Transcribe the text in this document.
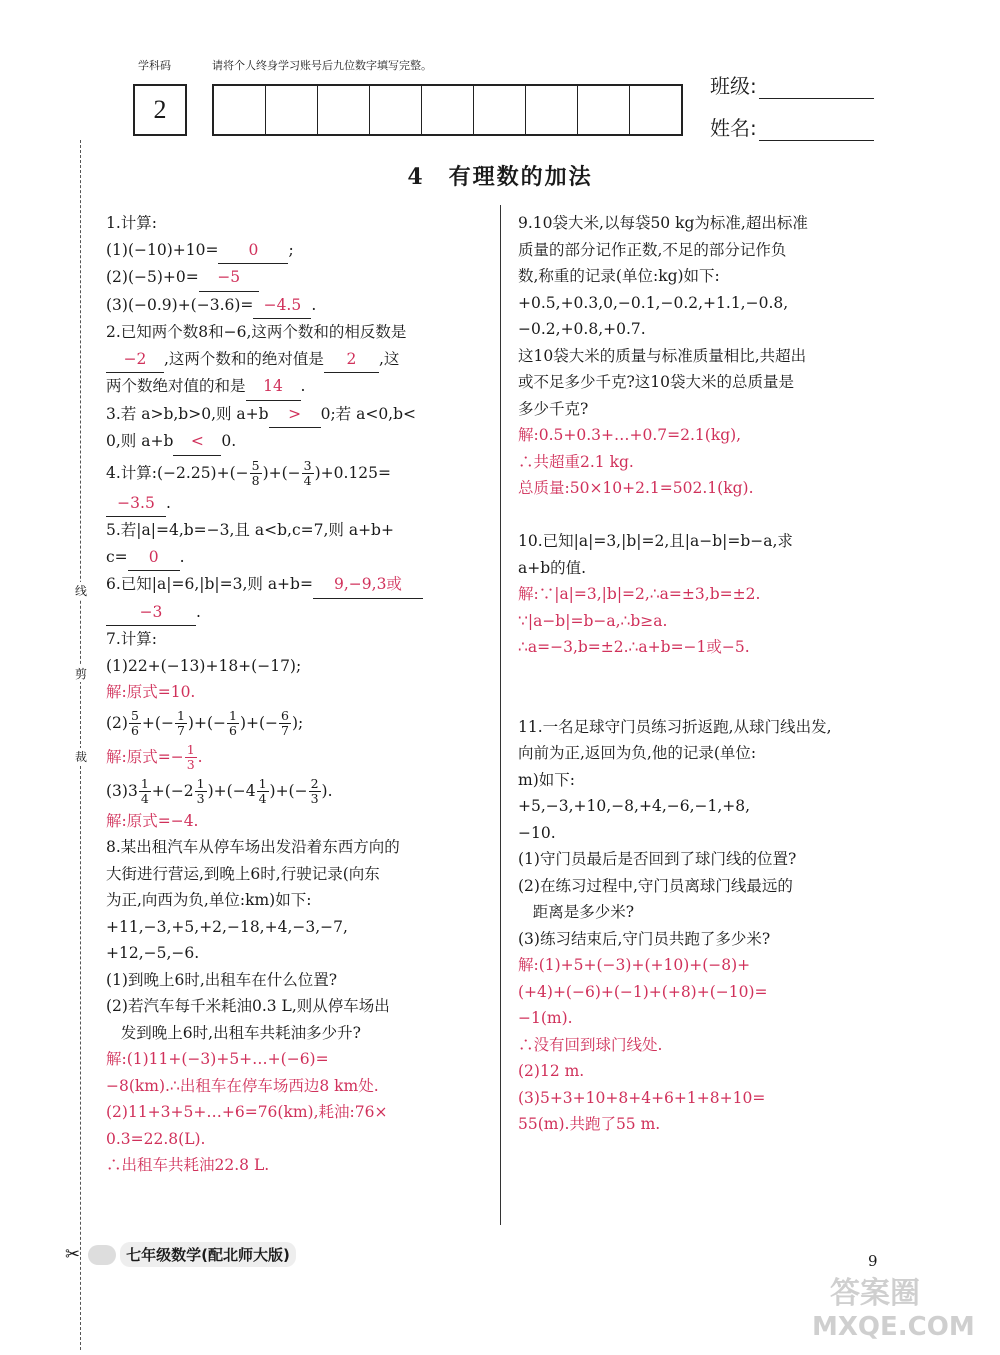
学科码	请将个人终身学习账号后九位数字填写完整。
2
班级:
姓名:
4　有理数的加法
线
剪
裁
1.计算:
(1)(−10)+10= 0 ;
(2)(−5)+0= −5
(3)(−0.9)+(−3.6)= −4.5 .
2.已知两个数8和−6,这两个数和的相反数是
−2 ,这两个数和的绝对值是 2 ,这
两个数绝对值的和是 14 .
3.若 a>b,b>0,则 a+b > 0;若 a<0,b<
0,则 a+b < 0.
4.计算:(−2.25)+(− $\frac{5}{8}$ )+(− $\frac{3}{4} )+0.125=$
−3.5 .
5.若|a|=4,b=−3,且 a<b,c=7,则 a+b+
c= 0 .
6.已知|a|=6,|b|=3,则 a+b= 9,−9,3或
−3 .
7.计算:
(1)22+(−13)+18+(−17);
解:原式=10.
$(2) \frac{5}{6}$ +(− $\frac{1}{7}$ )+(− $\frac{1}{6}$ )+(− $\frac{6}{7}$ );
解:原式=− $\frac{1}{3}$ .
$(3)3 \frac{1}{4} +(-2 \frac{1}{3} )+(-4 \frac{1}{4}$ )+(− $\frac{2}{3}$ ).
解:原式=−4.
8.某出租汽车从停车场出发沿着东西方向的
大街进行营运,到晚上6时,行驶记录(向东
为正,向西为负,单位:km)如下:
+11,−3,+5,+2,−18,+4,−3,−7,
+12,−5,−6.
(1)到晚上6时,出租车在什么位置?
(2)若汽车每千米耗油0.3 L,则从停车场出
发到晚上6时,出租车共耗油多少升?
解:(1)11+(−3)+5+…+(−6)=
−8(km).∴出租车在停车场西边8 km处.
(2)11+3+5+…+6=76(km),耗油:76×
0.3=22.8(L).
∴出租车共耗油22.8 L.
9.10袋大米,以每袋50 kg为标准,超出标准
质量的部分记作正数,不足的部分记作负
数,称重的记录(单位:kg)如下:
+0.5,+0.3,0,−0.1,−0.2,+1.1,−0.8,
−0.2,+0.8,+0.7.
这10袋大米的质量与标准质量相比,共超出
或不足多少千克?这10袋大米的总质量是
多少千克?
解:0.5+0.3+…+0.7=2.1(kg),
∴共超重2.1 kg.
总质量:50×10+2.1=502.1(kg).

10.已知|a|=3,|b|=2,且|a−b|=b−a,求
a+b的值.
解:∵|a|=3,|b|=2,∴a=±3,b=±2.
∵|a−b|=b−a,∴b≥a.
∴a=−3,b=±2.∴a+b=−1或−5.

11.一名足球守门员练习折返跑,从球门线出发,
向前为正,返回为负,他的记录(单位:
m)如下:
+5,−3,+10,−8,+4,−6,−1,+8,
−10.
(1)守门员最后是否回到了球门线的位置?
(2)在练习过程中,守门员离球门线最远的
距离是多少米?
(3)练习结束后,守门员共跑了多少米?
解:(1)+5+(−3)+(+10)+(−8)+
(+4)+(−6)+(−1)+(+8)+(−10)=
−1(m).
∴没有回到球门线处.
(2)12 m.
(3)5+3+10+8+4+6+1+8+10=
55(m).共跑了55 m.
✂	七年级数学(配北师大版)	9
答案圈
MXQE.COM
